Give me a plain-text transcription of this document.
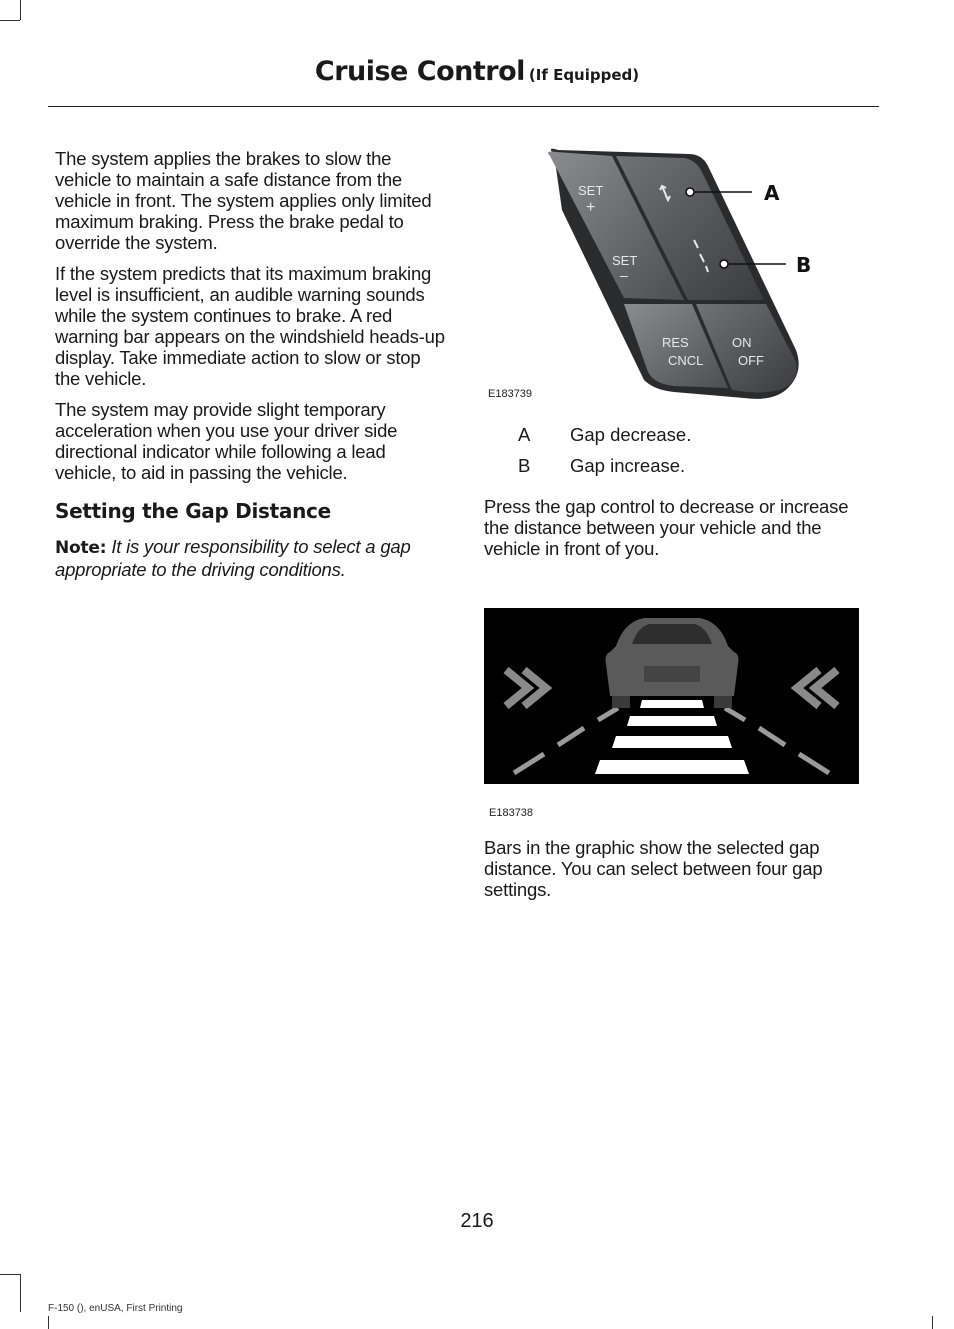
Cruise Control (If Equipped)

The system applies the brakes to slow the vehicle to maintain a safe distance from the vehicle in front. The system applies only limited maximum braking. Press the brake pedal to override the system.

If the system predicts that its maximum braking level is insufficient, an audible warning sounds while the system continues to brake. A red warning bar appears on the windshield heads-up display. Take immediate action to slow or stop the vehicle.

The system may provide slight temporary acceleration when you use your driver side directional indicator while following a lead vehicle, to aid in passing the vehicle.

Setting the Gap Distance

Note: It is your responsibility to select a gap appropriate to the driving conditions.

SET
+
SET
–
RES
CNCL
ON
OFF
A
B
E183739
A Gap decrease.
B Gap increase.

Press the gap control to decrease or increase the distance between your vehicle and the vehicle in front of you.

E183738

Bars in the graphic show the selected gap distance. You can select between four gap settings.

216
F-150 (), enUSA, First Printing
